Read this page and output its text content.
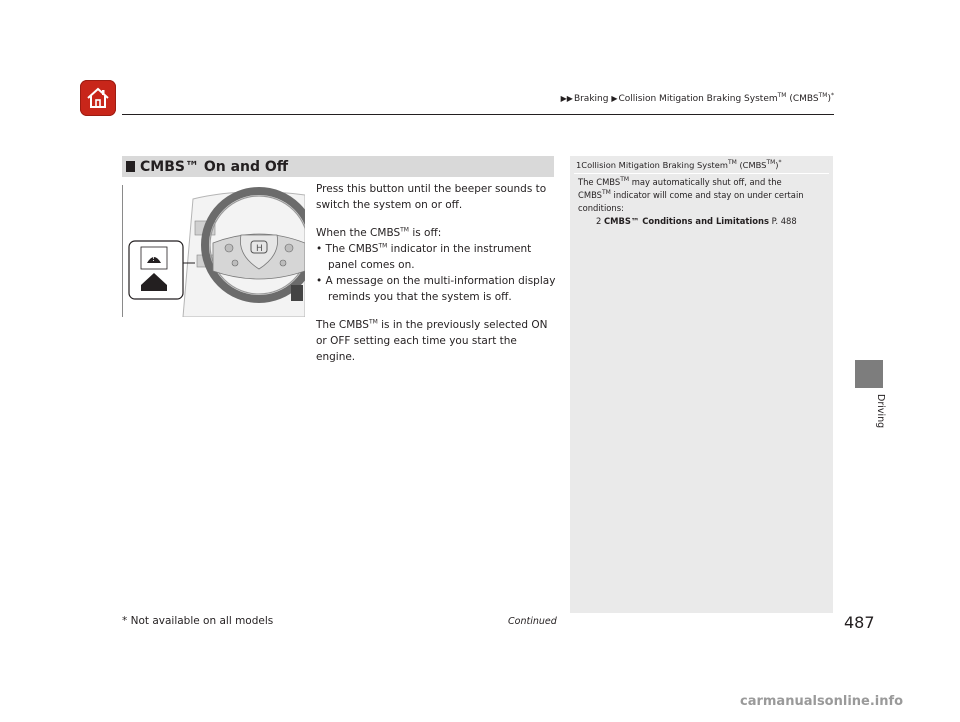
▶▶Braking ▶Collision Mitigation Braking System™ (CMBS™)*
CMBS™ On and Off
H
!

Press this button until the beeper sounds to switch the system on or off.

When the CMBS™ is off:

• The CMBS™ indicator in the instrument panel comes on.

• A message on the multi-information display reminds you that the system is off.

The CMBS™ is in the previously selected ON or OFF setting each time you start the engine.

1Collision Mitigation Braking System™ (CMBS™)*
The CMBS™ may automatically shut off, and the
CMBS™ indicator will come and stay on under certain
conditions:
2 CMBS™ Conditions and Limitations P. 488
Driving
* Not available on all models	Continued	487
carmanualsonline.info
